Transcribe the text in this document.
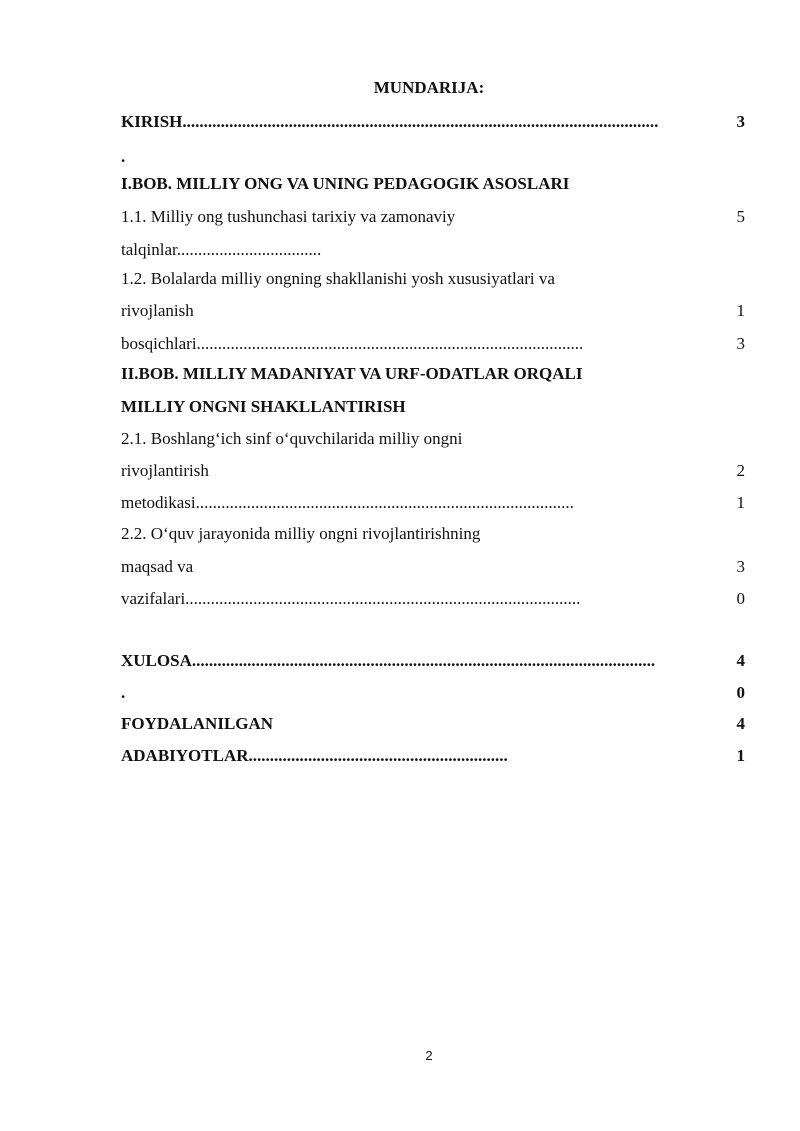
MUNDARIJA:
KIRISH................................................................................................................	3
.
I.BOB. MILLIY ONG VA UNING PEDAGOGIK ASOSLARI
1.1. Milliy ong tushunchasi tarixiy va zamonaviy	5
talqinlar..................................
1.2. Bolalarda milliy ongning shakllanishi yosh xususiyatlari va
rivojlanish	1
bosqichlari...........................................................................................	3
II.BOB. MILLIY MADANIYAT VA URF-ODATLAR ORQALI
MILLIY ONGNI SHAKLLANTIRISH
2.1. Boshlang‘ich sinf o‘quvchilarida milliy ongni
rivojlantirish	2
metodikasi.........................................................................................	1
2.2. O‘quv jarayonida milliy ongni rivojlantirishning
maqsad va	3
vazifalari.............................................................................................	0
XULOSA.............................................................................................................	4
.	0
FOYDALANILGAN	4
ADABIYOTLAR.............................................................	1
2
